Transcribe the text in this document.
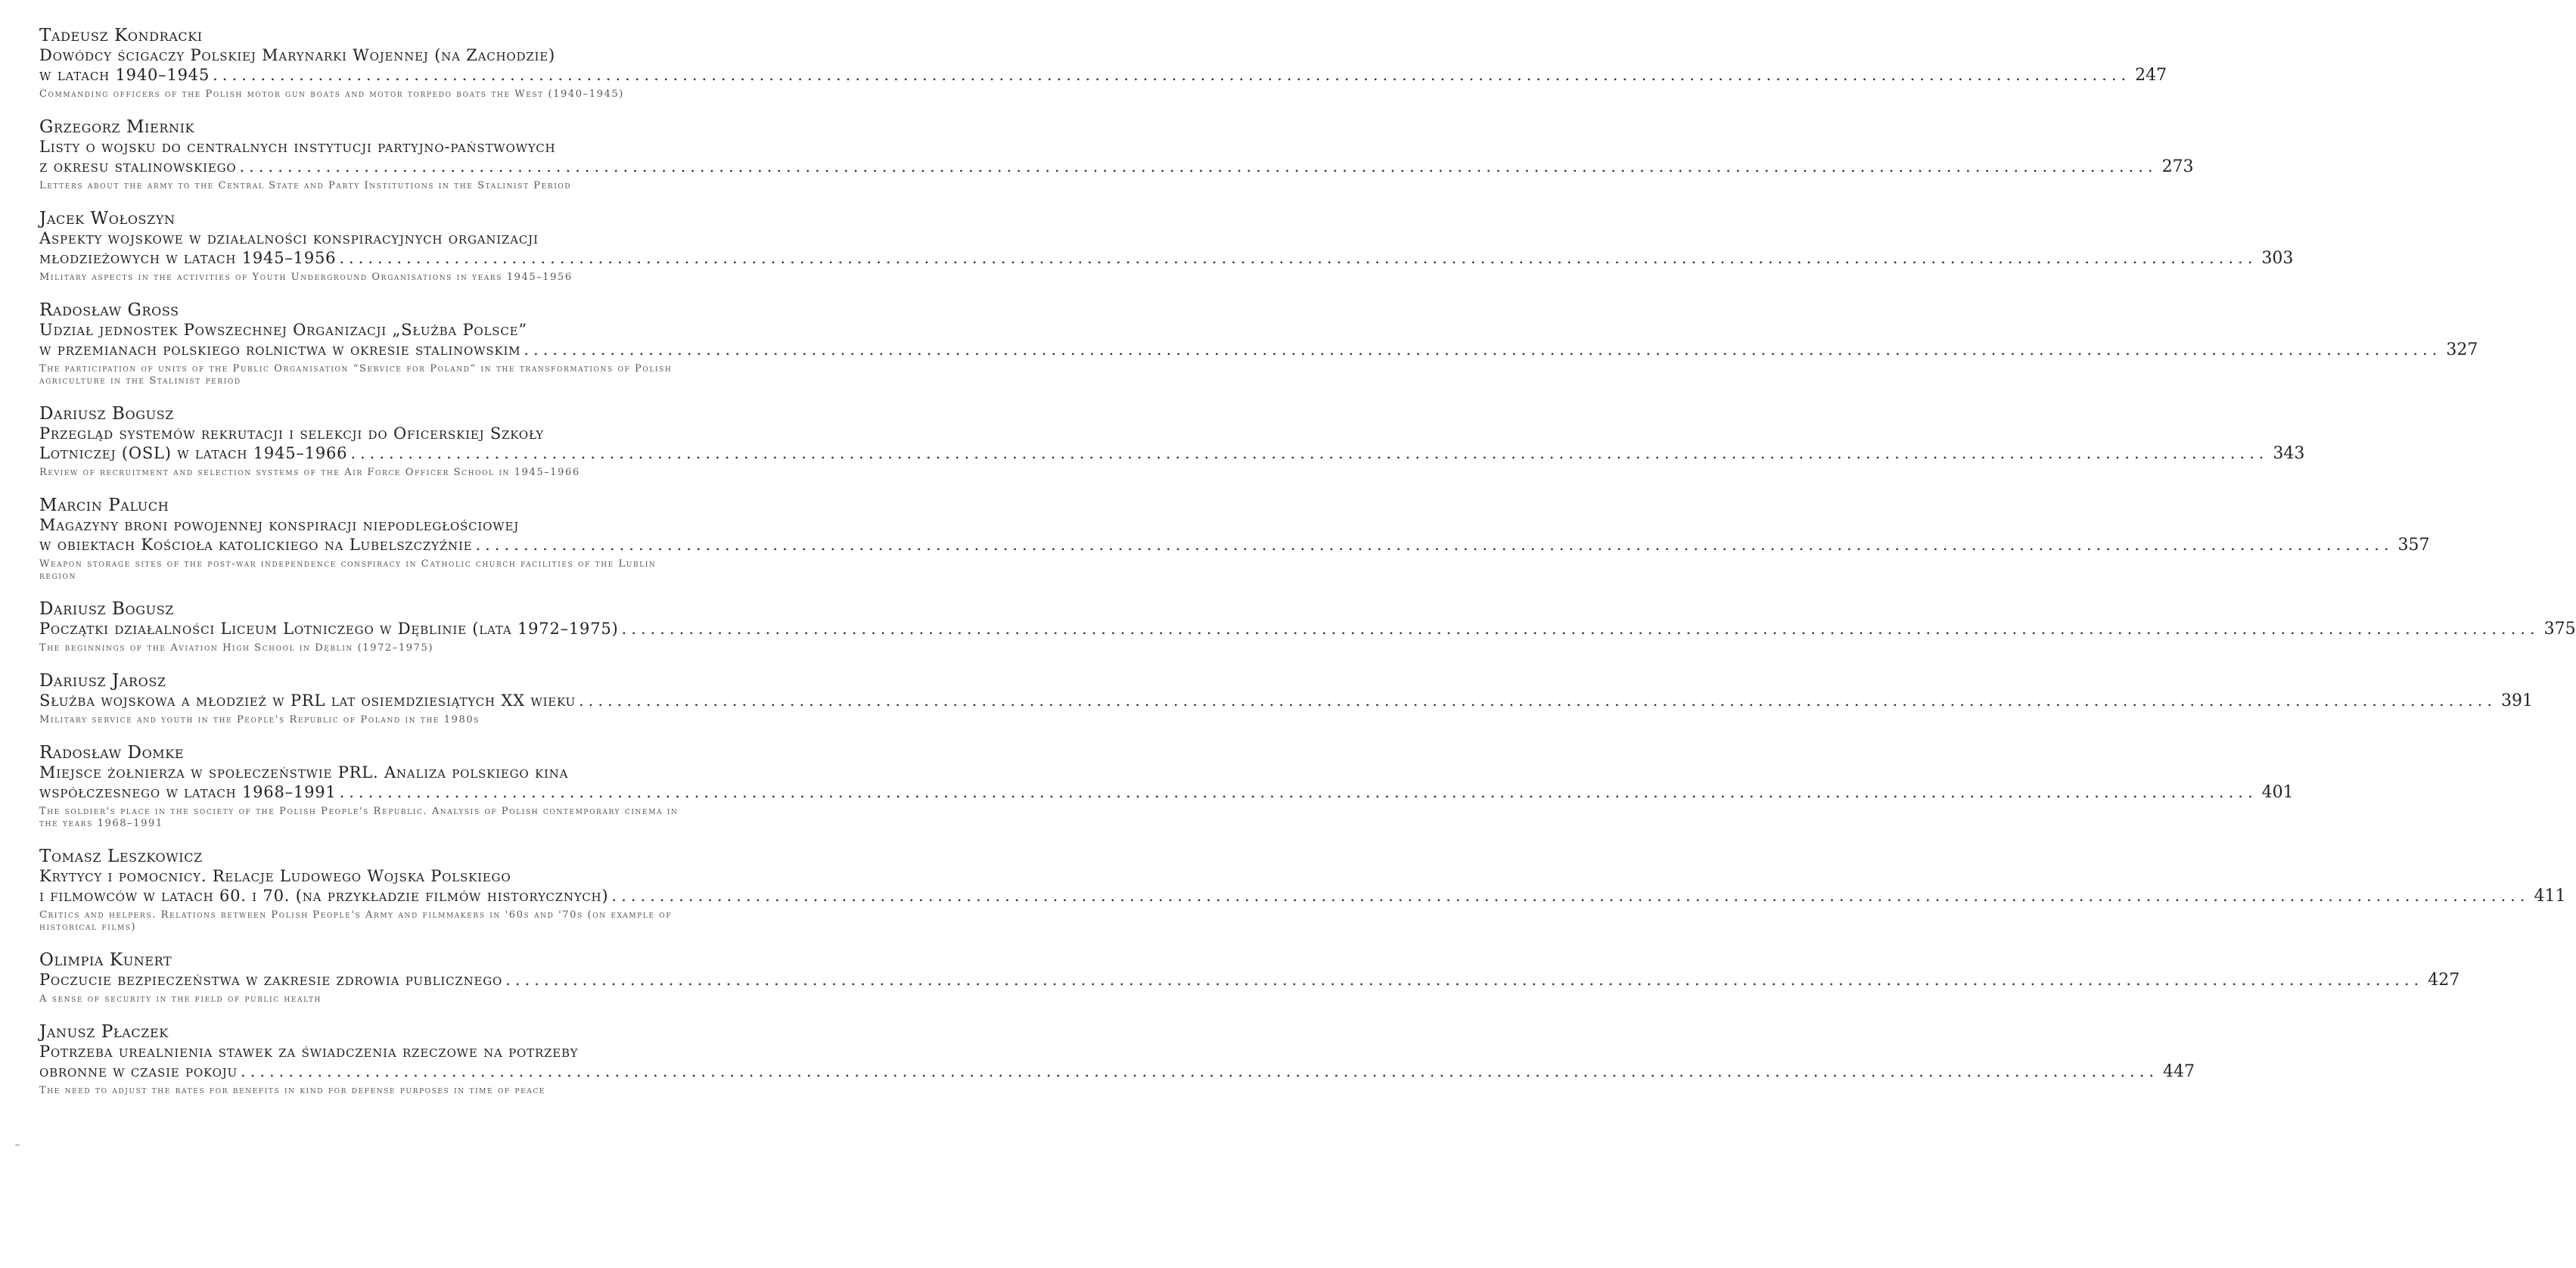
Tadeusz Kondracki
Dowódcy ścigaczy Polskiej Marynarki Wojennej (na Zachodzie)
w latach 1940–1945 ........................................................................................................................................................................................................ 247
Commanding officers of the Polish motor gun boats and motor torpedo boats the West (1940–1945)
Grzegorz Miernik
Listy o wojsku do centralnych instytucji partyjno-państwowych
z okresu stalinowskiego ........................................................................................................................................................................................................ 273
Letters about the army to the Central State and Party Institutions in the Stalinist Period
Jacek Wołoszyn
Aspekty wojskowe w działalności konspiracyjnych organizacji
młodzieżowych w latach 1945–1956 ........................................................................................................................................................................................................ 303
Military aspects in the activities of Youth Underground Organisations in years 1945–1956
Radosław Gross
Udział jednostek Powszechnej Organizacji „Służba Polsce”
w przemianach polskiego rolnictwa w okresie stalinowskim ........................................................................................................................................................................................................ 327
The participation of units of the Public Organisation “Service for Poland” in the transformations of Polish agriculture in the Stalinist period
Dariusz Bogusz
Przegląd systemów rekrutacji i selekcji do Oficerskiej Szkoły
Lotniczej (OSL) w latach 1945–1966 ........................................................................................................................................................................................................ 343
Review of recruitment and selection systems of the Air Force Officer School in 1945–1966
Marcin Paluch
Magazyny broni powojennej konspiracji niepodległościowej
w obiektach Kościoła katolickiego na Lubelszczyźnie ........................................................................................................................................................................................................ 357
Weapon storage sites of the post-war independence conspiracy in Catholic church facilities of the Lublin region
Dariusz Bogusz
Początki działalności Liceum Lotniczego w Dęblinie (lata 1972–1975) ........................................................................................................................................................................................................ 375
The beginnings of the Aviation High School in Dęblin (1972–1975)
Dariusz Jarosz
Służba wojskowa a młodzież w PRL lat osiemdziesiątych XX wieku ........................................................................................................................................................................................................ 391
Military service and youth in the People's Republic of Poland in the 1980s
Radosław Domke
Miejsce żołnierza w społeczeństwie PRL. Analiza polskiego kina
współczesnego w latach 1968–1991 ........................................................................................................................................................................................................ 401
The soldier's place in the society of the Polish People's Republic. Analysis of Polish contemporary cinema in the years 1968–1991
Tomasz Leszkowicz
Krytycy i pomocnicy. Relacje Ludowego Wojska Polskiego
i filmowców w latach 60. i 70. (na przykładzie filmów historycznych) ........................................................................................................................................................................................................ 411
Critics and helpers. Relations between Polish People's Army and filmmakers in '60s and '70s (on example of historical films)
Olimpia Kunert
Poczucie bezpieczeństwa w zakresie zdrowia publicznego ........................................................................................................................................................................................................ 427
A sense of security in the field of public health
Janusz Płaczek
Potrzeba urealnienia stawek za świadczenia rzeczowe na potrzeby
obronne w czasie pokoju ........................................................................................................................................................................................................ 447
The need to adjust the rates for benefits in kind for defense purposes in time of peace
